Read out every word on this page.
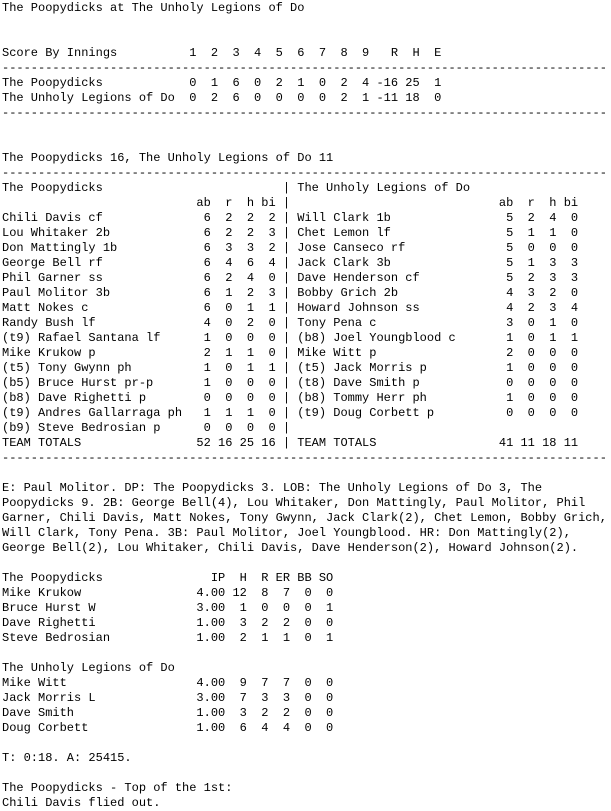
The Poopydicks at The Unholy Legions of Do

Score By Innings          1  2  3  4  5  6  7  8  9   R  H  E
------------------------------------------------------------------------------------
The Poopydicks            0  1  6  0  2  1  0  2  4 -16 25  1
The Unholy Legions of Do  0  2  6  0  0  0  0  2  1 -11 18  0
------------------------------------------------------------------------------------

The Poopydicks 16, The Unholy Legions of Do 11
------------------------------------------------------------------------------------
The Poopydicks                         | The Unholy Legions of Do
ab  r  h bi |                             ab  r  h bi
Chili Davis cf              6  2  2  2 | Will Clark 1b                5  2  4  0
Lou Whitaker 2b             6  2  2  3 | Chet Lemon lf                5  1  1  0
Don Mattingly 1b            6  3  3  2 | Jose Canseco rf              5  0  0  0
George Bell rf              6  4  6  4 | Jack Clark 3b                5  1  3  3
Phil Garner ss              6  2  4  0 | Dave Henderson cf            5  2  3  3
Paul Molitor 3b             6  1  2  3 | Bobby Grich 2b               4  3  2  0
Matt Nokes c                6  0  1  1 | Howard Johnson ss            4  2  3  4
Randy Bush lf               4  0  2  0 | Tony Pena c                  3  0  1  0
(t9) Rafael Santana lf      1  0  0  0 | (b8) Joel Youngblood c       1  0  1  1
Mike Krukow p               2  1  1  0 | Mike Witt p                  2  0  0  0
(t5) Tony Gwynn ph          1  0  1  1 | (t5) Jack Morris p           1  0  0  0
(b5) Bruce Hurst pr-p       1  0  0  0 | (t8) Dave Smith p            0  0  0  0
(b8) Dave Righetti p        0  0  0  0 | (b8) Tommy Herr ph           1  0  0  0
(t9) Andres Gallarraga ph   1  1  1  0 | (t9) Doug Corbett p          0  0  0  0
(b9) Steve Bedrosian p      0  0  0  0 |
TEAM TOTALS                52 16 25 16 | TEAM TOTALS                 41 11 18 11
------------------------------------------------------------------------------------

E: Paul Molitor. DP: The Poopydicks 3. LOB: The Unholy Legions of Do 3, The
Poopydicks 9. 2B: George Bell(4), Lou Whitaker, Don Mattingly, Paul Molitor, Phil
Garner, Chili Davis, Matt Nokes, Tony Gwynn, Jack Clark(2), Chet Lemon, Bobby Grich,
Will Clark, Tony Pena. 3B: Paul Molitor, Joel Youngblood. HR: Don Mattingly(2),
George Bell(2), Lou Whitaker, Chili Davis, Dave Henderson(2), Howard Johnson(2).

The Poopydicks               IP  H  R ER BB SO
Mike Krukow                4.00 12  8  7  0  0
Bruce Hurst W              3.00  1  0  0  0  1
Dave Righetti              1.00  3  2  2  0  0
Steve Bedrosian            1.00  2  1  1  0  1

The Unholy Legions of Do
Mike Witt                  4.00  9  7  7  0  0
Jack Morris L              3.00  7  3  3  0  0
Dave Smith                 1.00  3  2  2  0  0
Doug Corbett               1.00  6  4  4  0  0

T: 0:18. A: 25415.

The Poopydicks - Top of the 1st:
Chili Davis flied out.
